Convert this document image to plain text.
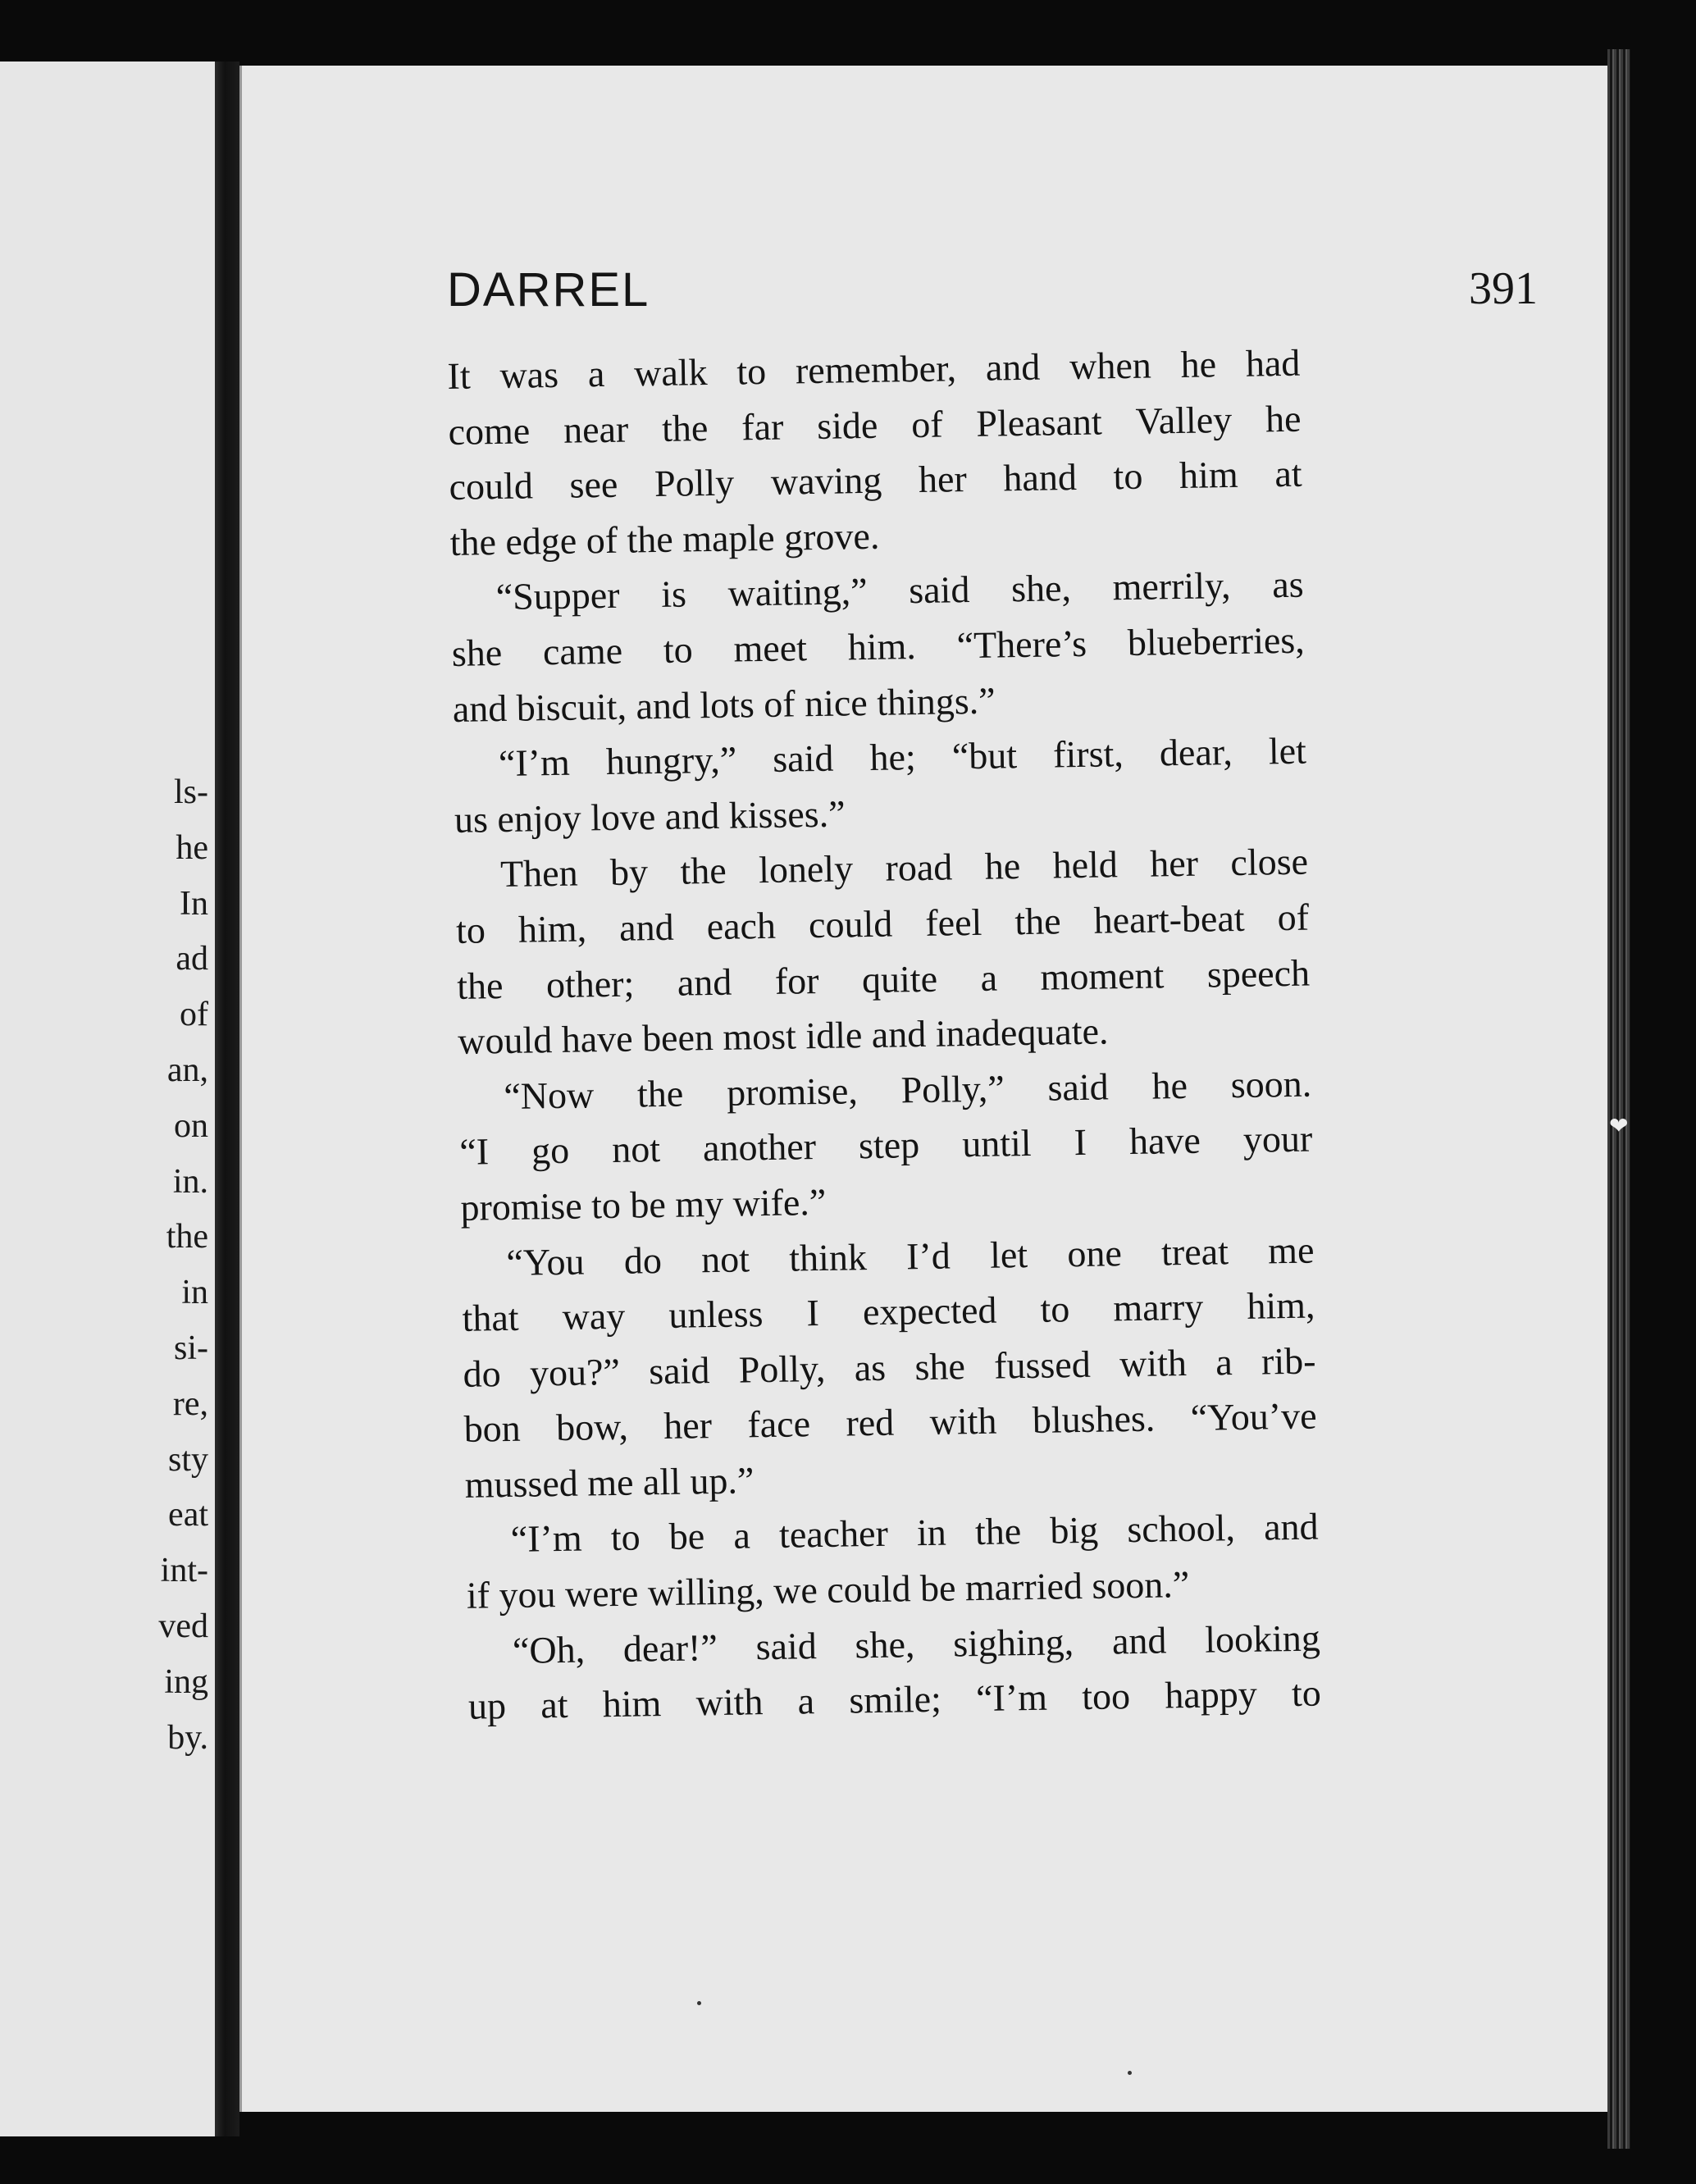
ls-
he
In
ad
of
an,
on
in.
the
in
si-
re,
sty
eat
int-
ved
ing
by.
DARREL	391
It was a walk to remember, and when he had
come near the far side of Pleasant Valley he
could see Polly waving her hand to him at
the edge of the maple grove.
“Supper is waiting,” said she, merrily, as
she came to meet him. “There’s blueberries,
and biscuit, and lots of nice things.”
“I’m hungry,” said he; “but first, dear, let
us enjoy love and kisses.”
Then by the lonely road he held her close
to him, and each could feel the heart-beat of
the other; and for quite a moment speech
would have been most idle and inadequate.
“Now the promise, Polly,” said he soon.
“I go not another step until I have your
promise to be my wife.”
“You do not think I’d let one treat me
that way unless I expected to marry him,
do you?” said Polly, as she fussed with a rib-
bon bow, her face red with blushes. “You’ve
mussed me all up.”
“I’m to be a teacher in the big school, and
if you were willing, we could be married soon.”
“Oh, dear!” said she, sighing, and looking
up at him with a smile; “I’m too happy to
❤
